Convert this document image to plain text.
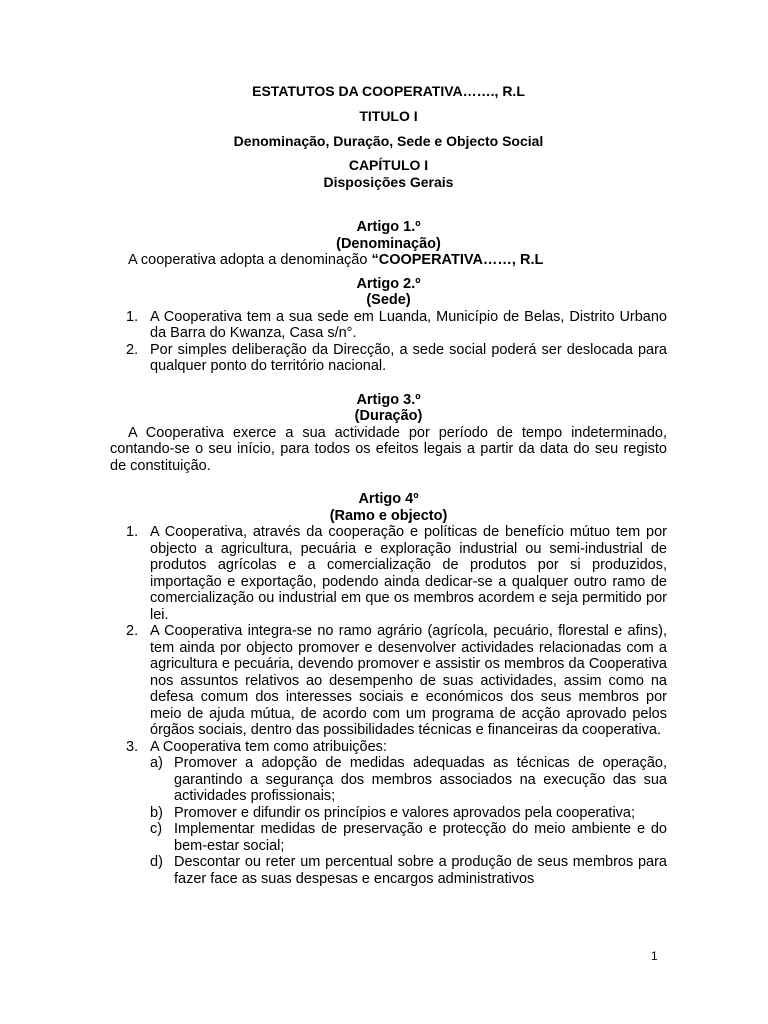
ESTATUTOS DA COOPERATIVA……., R.L
TITULO I
Denominação, Duração, Sede e Objecto Social
CAPÍTULO I
Disposições Gerais
Artigo 1.º
(Denominação)

A cooperativa adopta a denominação “COOPERATIVA……, R.L

Artigo 2.º
(Sede)
1. A Cooperativa tem a sua sede em Luanda, Município de Belas, Distrito Urbano da Barra do Kwanza, Casa s/n°.
2. Por simples deliberação da Direcção, a sede social poderá ser deslocada para qualquer ponto do território nacional.
Artigo 3.º
(Duração)

A Cooperativa exerce a sua actividade por período de tempo indeterminado, contando-se o seu início, para todos os efeitos legais a partir da data do seu registo de constituição.

Artigo 4º
(Ramo e objecto)
1. A Cooperativa, através da cooperação e políticas de benefício mútuo tem por objecto a agricultura, pecuária e exploração industrial ou semi-industrial de produtos agrícolas e a comercialização de produtos por si produzidos, importação e exportação, podendo ainda dedicar-se a qualquer outro ramo de comercialização ou industrial em que os membros acordem e seja permitido por lei.
2. A Cooperativa integra-se no ramo agrário (agrícola, pecuário, florestal e afins), tem ainda por objecto promover e desenvolver actividades relacionadas com a agricultura e pecuária, devendo promover e assistir os membros da Cooperativa nos assuntos relativos ao desempenho de suas actividades, assim como na defesa comum dos interesses sociais e económicos dos seus membros por meio de ajuda mútua, de acordo com um programa de acção aprovado pelos órgãos sociais, dentro das possibilidades técnicas e financeiras da cooperativa.
3. A Cooperativa tem como atribuições:
a) Promover a adopção de medidas adequadas as técnicas de operação, garantindo a segurança dos membros associados na execução das sua actividades profissionais;
b) Promover e difundir os princípios e valores aprovados pela cooperativa;
c) Implementar medidas de preservação e protecção do meio ambiente e do bem-estar social;
d) Descontar ou reter um percentual sobre a produção de seus membros para fazer face as suas despesas e encargos administrativos
1
